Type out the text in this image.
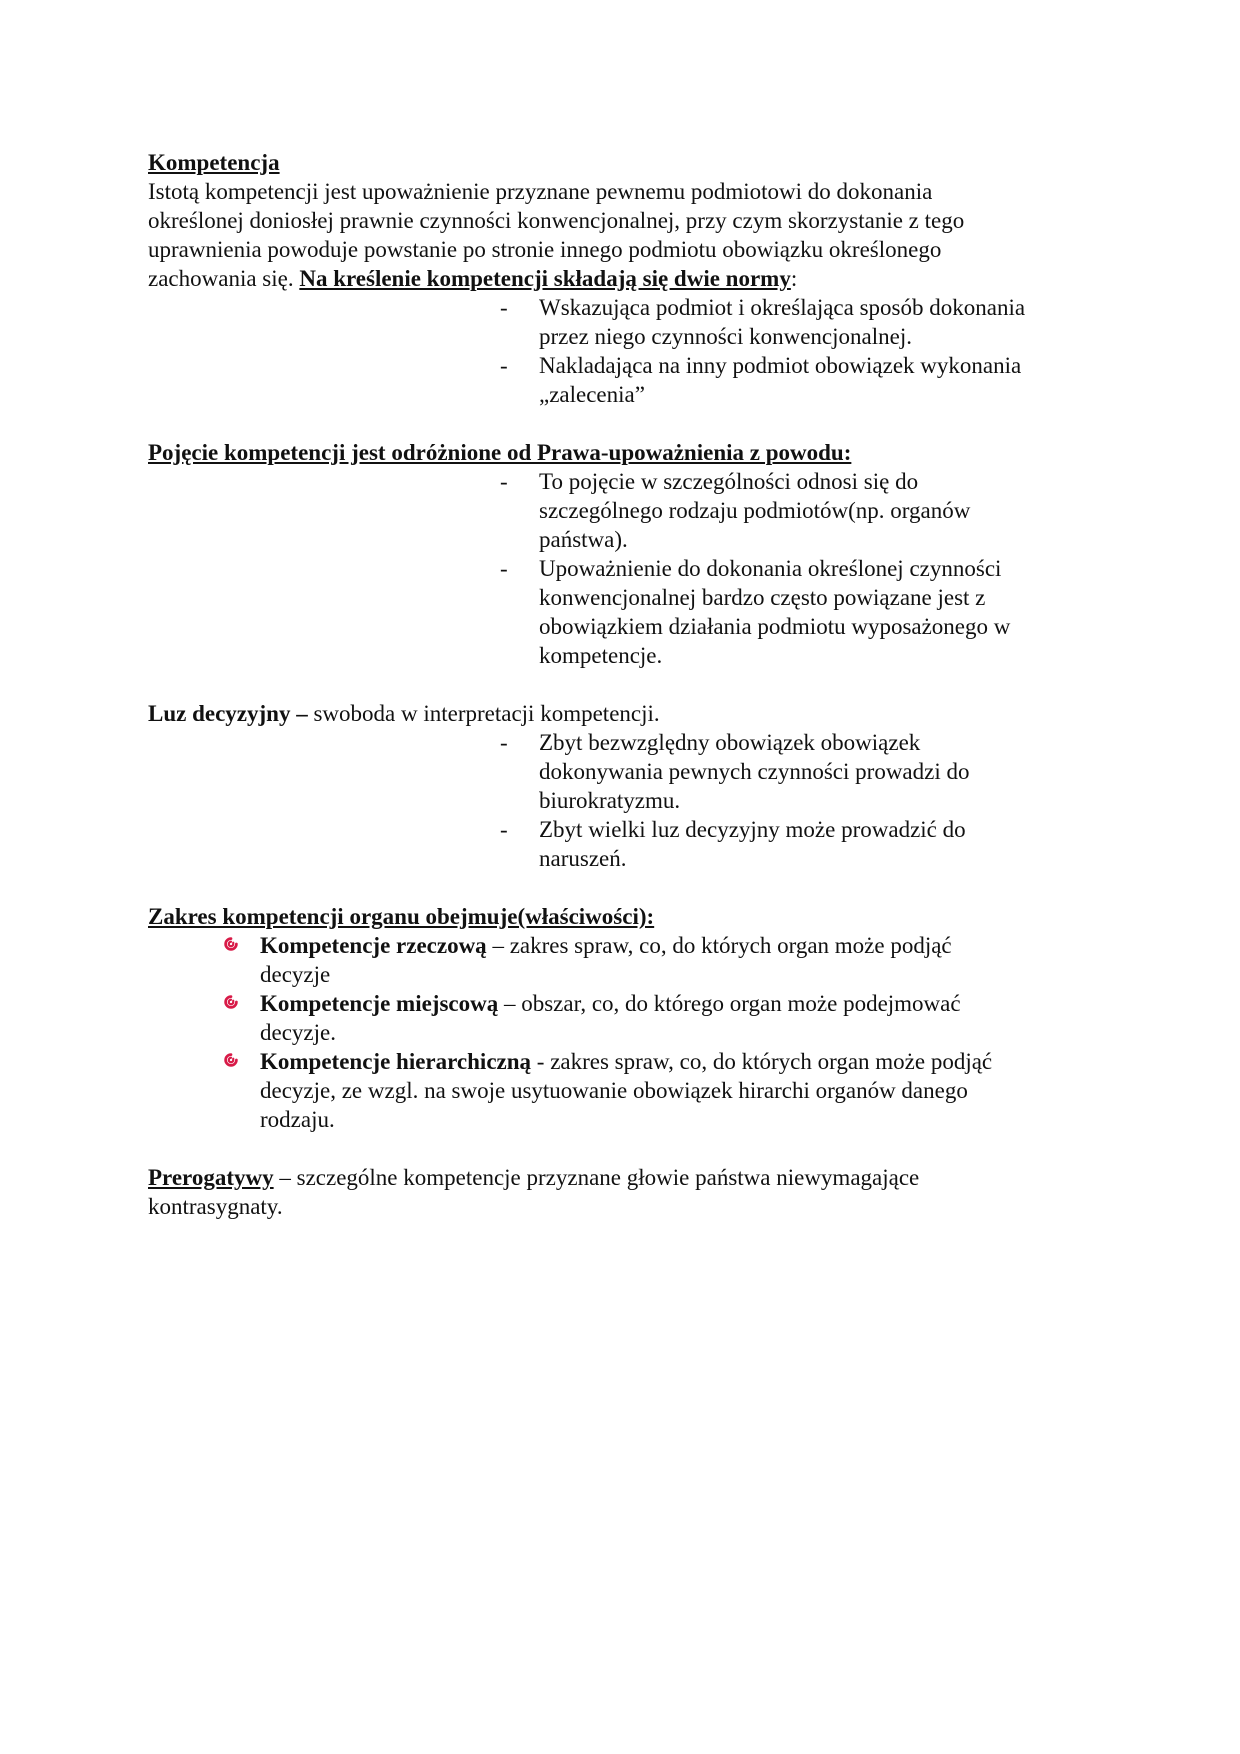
Kompetencja

Istotą kompetencji jest upoważnienie przyznane pewnemu podmiotowi do dokonania

określonej doniosłej prawnie czynności konwencjonalnej, przy czym skorzystanie z tego

uprawnienia powoduje powstanie po stronie innego podmiotu obowiązku określonego

zachowania się. Na kreślenie kompetencji składają się dwie normy:

- Wskazująca podmiot i określająca sposób dokonania

przez niego czynności konwencjonalnej.

- Nakladająca na inny podmiot obowiązek wykonania

„zalecenia”

Pojęcie kompetencji jest odróżnione od Prawa-upoważnienia z powodu:

- To pojęcie w szczególności odnosi się do

szczególnego rodzaju podmiotów(np. organów

państwa).

- Upoważnienie do dokonania określonej czynności

konwencjonalnej bardzo często powiązane jest z

obowiązkiem działania podmiotu wyposażonego w

kompetencje.

Luz decyzyjny – swoboda w interpretacji kompetencji.

- Zbyt bezwzględny obowiązek obowiązek

dokonywania pewnych czynności prowadzi do

biurokratyzmu.

- Zbyt wielki luz decyzyjny może prowadzić do

naruszeń.

Zakres kompetencji organu obejmuje(właściwości):

Kompetencje rzeczową – zakres spraw, co, do których organ może podjąć

decyzje

Kompetencje miejscową – obszar, co, do którego organ może podejmować

decyzje.

Kompetencje hierarchiczną - zakres spraw, co, do których organ może podjąć

decyzje, ze wzgl. na swoje usytuowanie obowiązek hirarchi organów danego

rodzaju.

Prerogatywy – szczególne kompetencje przyznane głowie państwa niewymagające

kontrasygnaty.
